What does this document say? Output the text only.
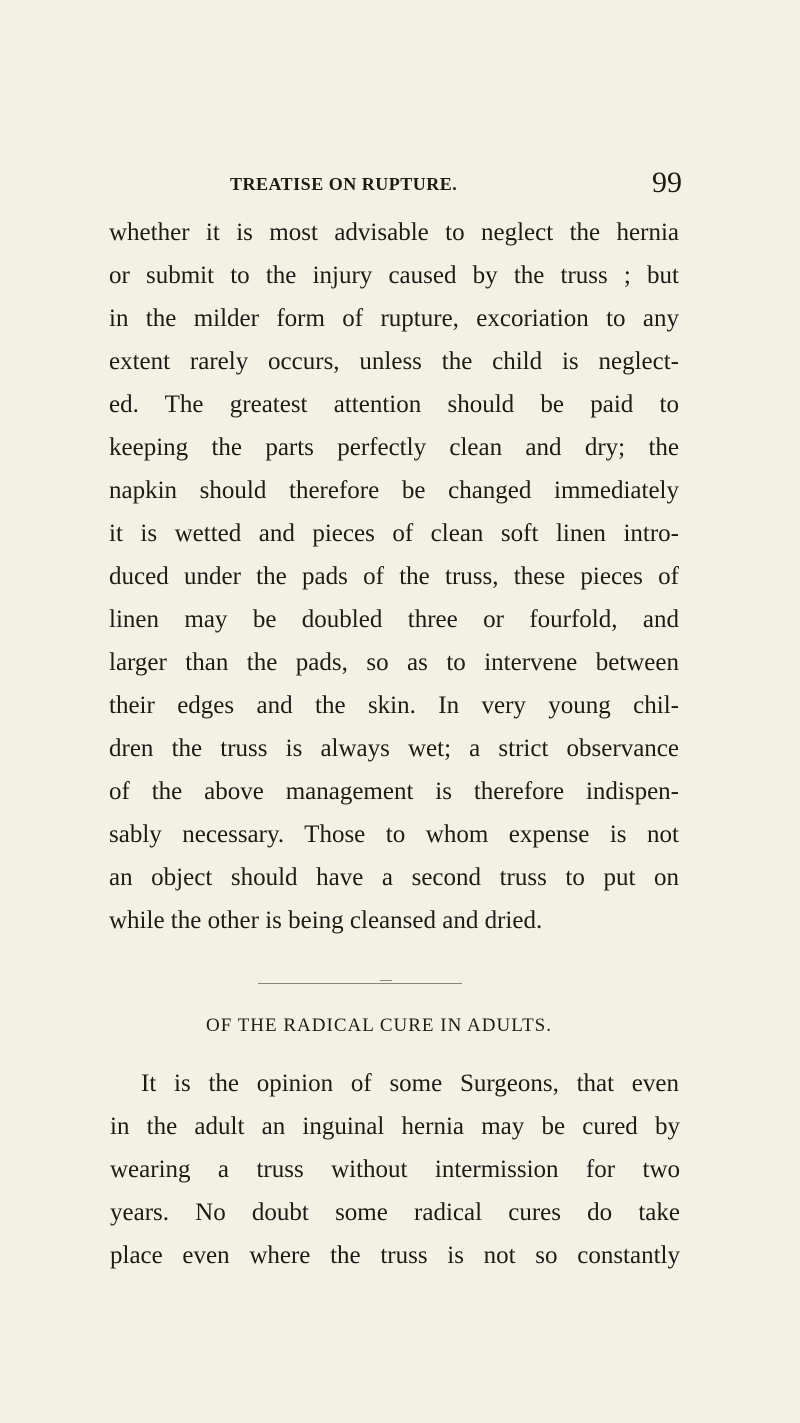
TREATISE ON RUPTURE.	99
whether it is most advisable to neglect the hernia
or submit to the injury caused by the truss ; but
in the milder form of rupture, excoriation to any
extent rarely occurs, unless the child is neglect-
ed. The greatest attention should be paid to
keeping the parts perfectly clean and dry; the
napkin should therefore be changed immediately
it is wetted and pieces of clean soft linen intro-
duced under the pads of the truss, these pieces of
linen may be doubled three or fourfold, and
larger than the pads, so as to intervene between
their edges and the skin. In very young chil-
dren the truss is always wet; a strict observance
of the above management is therefore indispen-
sably necessary. Those to whom expense is not
an object should have a second truss to put on
while the other is being cleansed and dried.
OF THE RADICAL CURE IN ADULTS.
It is the opinion of some Surgeons, that even
in the adult an inguinal hernia may be cured by
wearing a truss without intermission for two
years. No doubt some radical cures do take
place even where the truss is not so constantly
